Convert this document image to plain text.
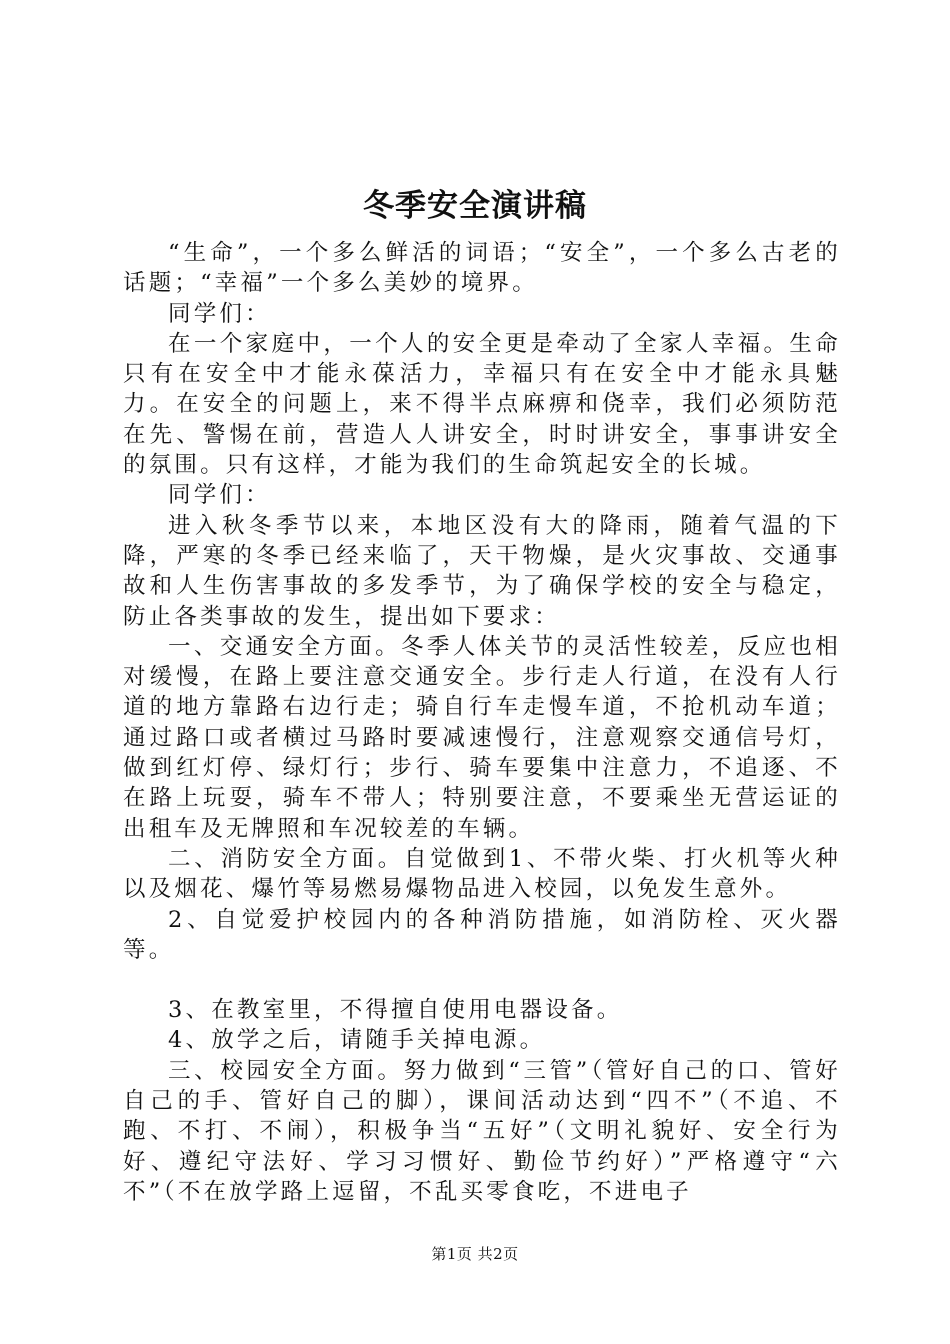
冬季安全演讲稿

“生命”，一个多么鲜活的词语；“安全”，一个多么古老的话题；“幸福”一个多么美妙的境界。

同学们：

在一个家庭中，一个人的安全更是牵动了全家人幸福。生命只有在安全中才能永葆活力，幸福只有在安全中才能永具魅力。在安全的问题上，来不得半点麻痹和侥幸，我们必须防范在先、警惕在前，营造人人讲安全，时时讲安全，事事讲安全的氛围。只有这样，才能为我们的生命筑起安全的长城。

同学们：

进入秋冬季节以来，本地区没有大的降雨，随着气温的下降，严寒的冬季已经来临了，天干物燥，是火灾事故、交通事故和人生伤害事故的多发季节，为了确保学校的安全与稳定，防止各类事故的发生，提出如下要求：

一、交通安全方面。冬季人体关节的灵活性较差，反应也相对缓慢，在路上要注意交通安全。步行走人行道，在没有人行道的地方靠路右边行走；骑自行车走慢车道，不抢机动车道；通过路口或者横过马路时要减速慢行，注意观察交通信号灯，做到红灯停、绿灯行；步行、骑车要集中注意力，不追逐、不在路上玩耍，骑车不带人；特别要注意，不要乘坐无营运证的出租车及无牌照和车况较差的车辆。

二、消防安全方面。自觉做到1、不带火柴、打火机等火种以及烟花、爆竹等易燃易爆物品进入校园，以免发生意外。

2、自觉爱护校园内的各种消防措施，如消防栓、灭火器等。

3、在教室里，不得擅自使用电器设备。

4、放学之后，请随手关掉电源。

三、校园安全方面。努力做到“三管”（管好自己的口、管好自己的手、管好自己的脚），课间活动达到“四不”（不追、不跑、不打、不闹），积极争当“五好”（文明礼貌好、安全行为好、遵纪守法好、学习习惯好、勤俭节约好）”严格遵守“六不”（不在放学路上逗留，不乱买零食吃，不进电子

第1页 共2页
